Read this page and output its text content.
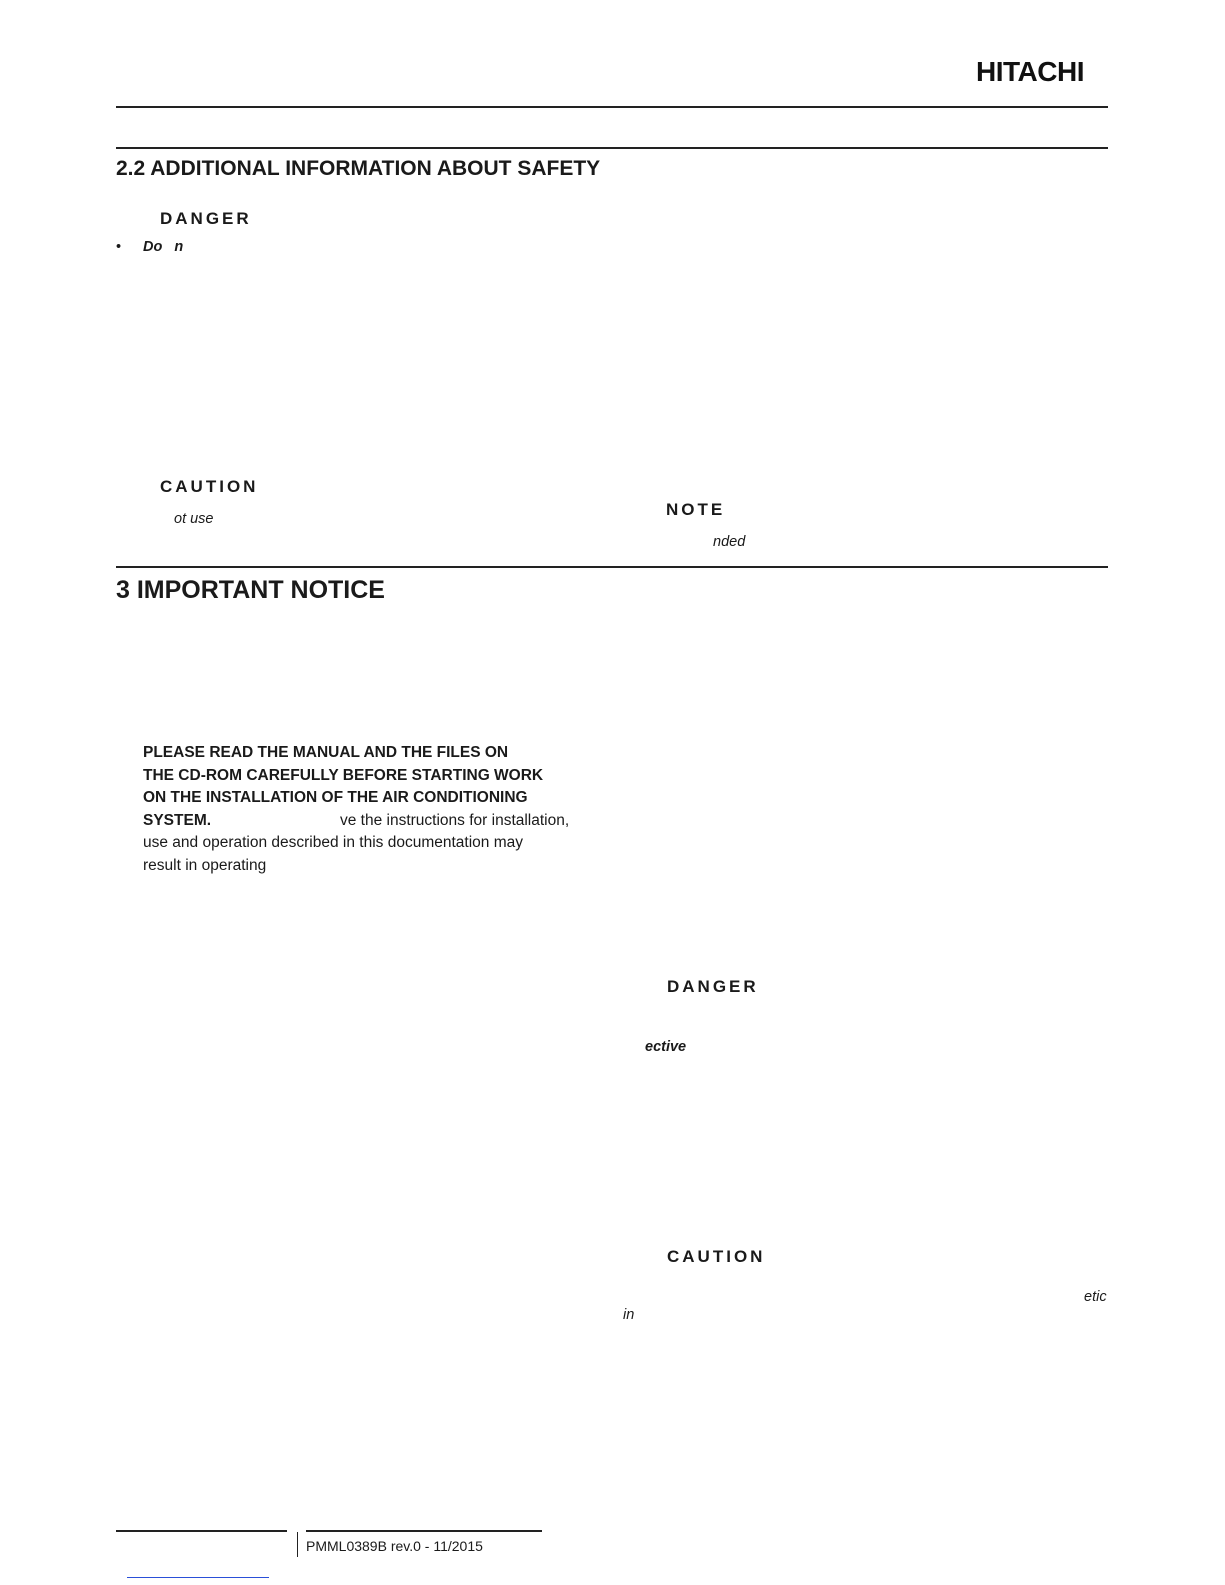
HITACHI
2.2 ADDITIONAL INFORMATION ABOUT SAFETY
DANGER
• Do   n
CAUTION
ot use	NOTE
nded
3 IMPORTANT NOTICE
PLEASE READ THE MANUAL AND THE FILES ON
THE CD-ROM CAREFULLY BEFORE STARTING WORK
ON THE INSTALLATION OF THE AIR CONDITIONING
SYSTEM.	ve the instructions for installation,
use and operation described in this documentation may
result in operating
DANGER
ective
CAUTION
etic
in
PMML0389B rev.0 - 11/2015
